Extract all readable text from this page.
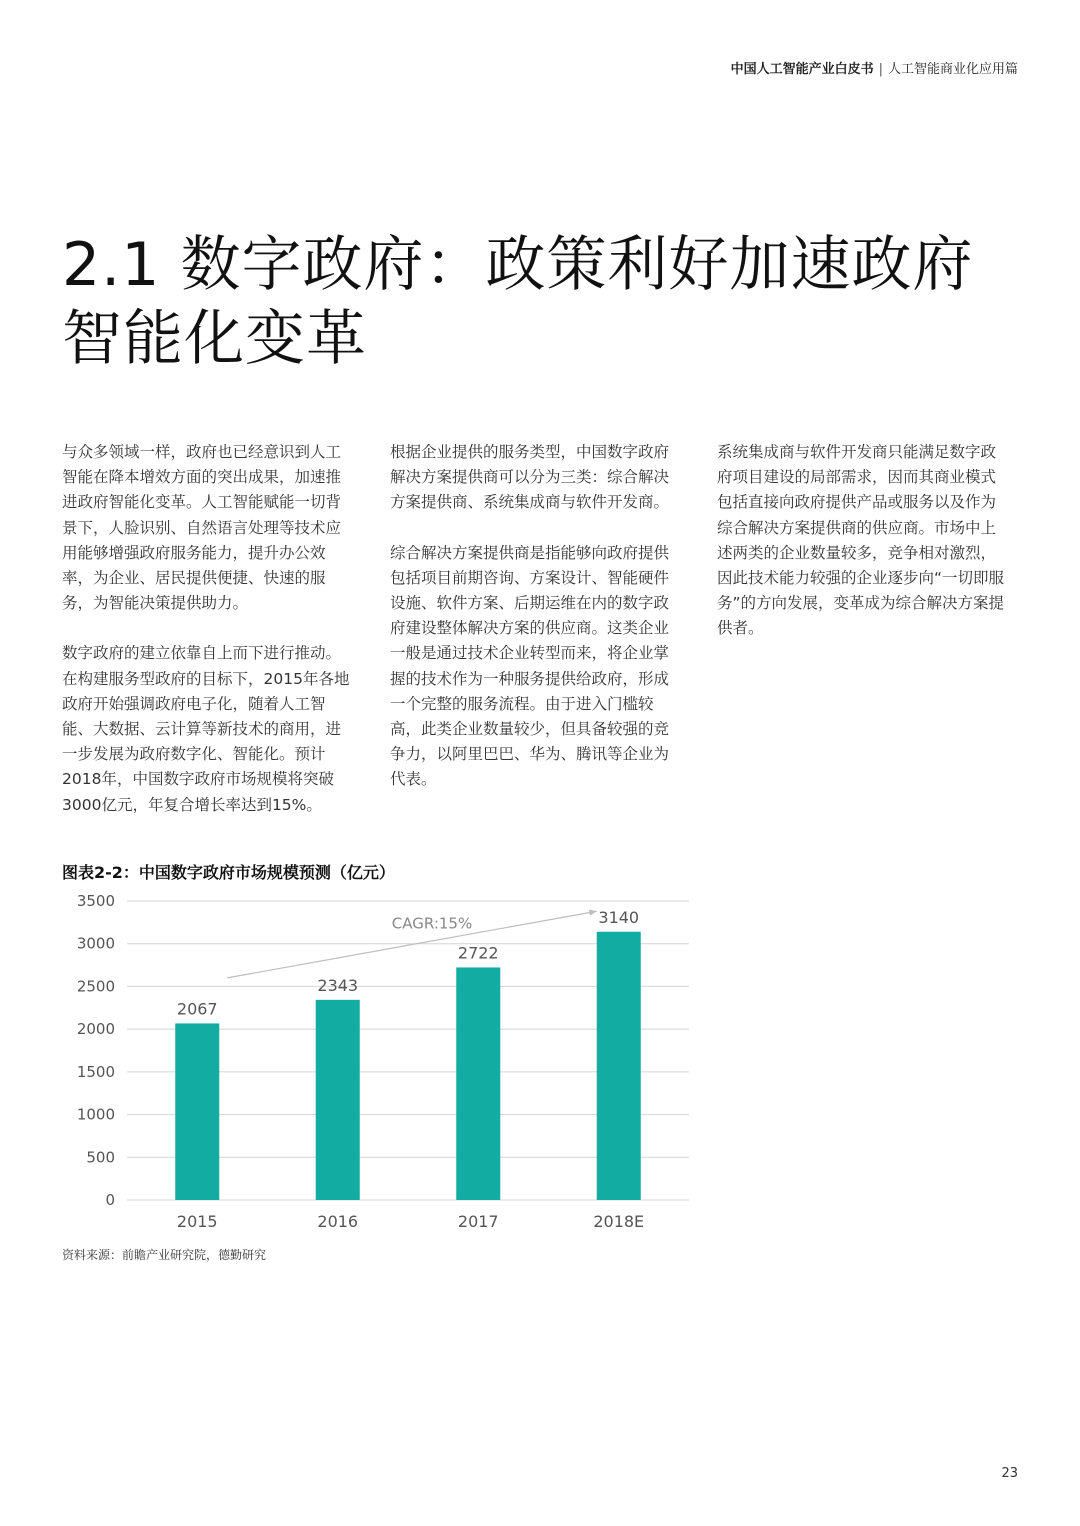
中国人工智能产业白皮书 | 人工智能商业化应用篇
2.1 数字政府：政策利好加速政府
智能化变革

与众多领域一样，政府也已经意识到人工智能在降本增效方面的突出成果，加速推进政府智能化变革。人工智能赋能一切背景下，人脸识别、自然语言处理等技术应用能够增强政府服务能力，提升办公效率，为企业、居民提供便捷、快速的服务，为智能决策提供助力。

数字政府的建立依靠自上而下进行推动。在构建服务型政府的目标下，2015年各地政府开始强调政府电子化，随着人工智能、大数据、云计算等新技术的商用，进一步发展为政府数字化、智能化。预计2018年，中国数字政府市场规模将突破3000亿元，年复合增长率达到15%。

根据企业提供的服务类型，中国数字政府解决方案提供商可以分为三类：综合解决方案提供商、系统集成商与软件开发商。

综合解决方案提供商是指能够向政府提供包括项目前期咨询、方案设计、智能硬件设施、软件方案、后期运维在内的数字政府建设整体解决方案的供应商。这类企业一般是通过技术企业转型而来，将企业掌握的技术作为一种服务提供给政府，形成一个完整的服务流程。由于进入门槛较高，此类企业数量较少，但具备较强的竞争力，以阿里巴巴、华为、腾讯等企业为代表。

系统集成商与软件开发商只能满足数字政府项目建设的局部需求，因而其商业模式包括直接向政府提供产品或服务以及作为综合解决方案提供商的供应商。市场中上述两类的企业数量较多，竞争相对激烈，因此技术能力较强的企业逐步向“一切即服务”的方向发展，变革成为综合解决方案提供者。

图表2-2：中国数字政府市场规模预测（亿元）
0
500
1000
1500
2000
2500
3000
3500
2067
2015
2343
2016
2722
2017
3140
2018E
CAGR:15%
资料来源：前瞻产业研究院，德勤研究
23
